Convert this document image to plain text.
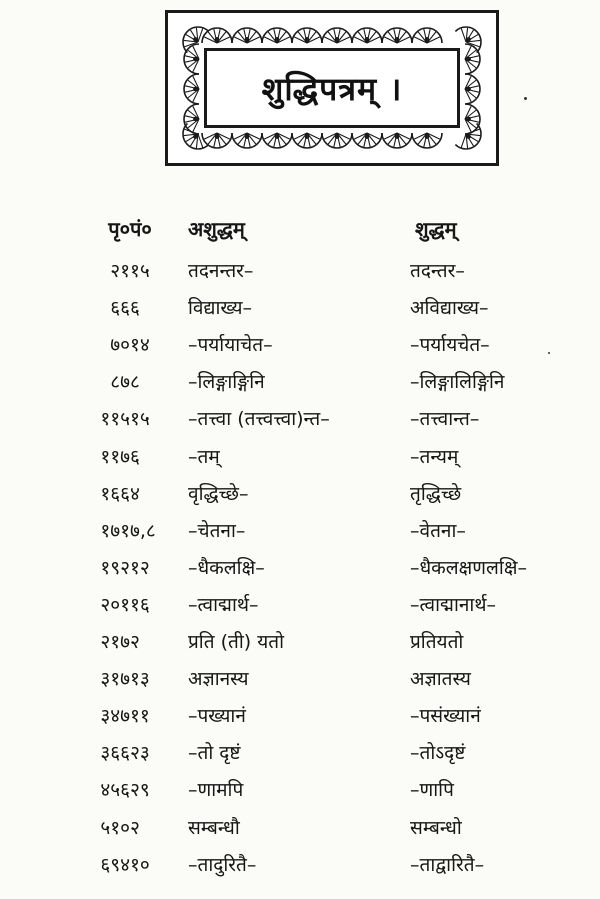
शुद्धिपत्रम् ।
पृ० पं० अशुद्धम्	शुद्धम्
२१ १५ तदनन्तर–	तदन्तर–
६६ ६	विद्याख्य–	अविद्याख्य–
७० १४ –पर्यायाचेत–	–पर्यायचेत–
८७ ८	–लिङ्गाङ्गिनि	–लिङ्गालिङ्गिनि
११५ १५ –तत्त्वा (तत्त्वत्त्वा)न्त–	–तत्त्वान्त–
११७ ६	–तम्	–तन्यम्
१६६ ४	वृद्धिच्छे–	तृद्धिच्छे
१७१ ७,८ –चेतना–	–वेतना–
१९२ १२ –धैकलक्षि–	–धैकलक्षणलक्षि–
२०१ १६ –त्वाद्मार्थ–	–त्वाद्मानार्थ–
२१७ २	प्रति (ती) यतो	प्रतियतो
३१७ १३ अज्ञानस्य	अज्ञातस्य
३४७ ११ –पख्यानं	–पसंख्यानं
३६६ २३ –तो दृष्टं	–तोऽदृष्टं
४५६ २९ –णामपि	–णापि
५१० २	सम्बन्धौ	सम्बन्धो
६९४ १० –तादुरितै–	–ताद्वारितै–
